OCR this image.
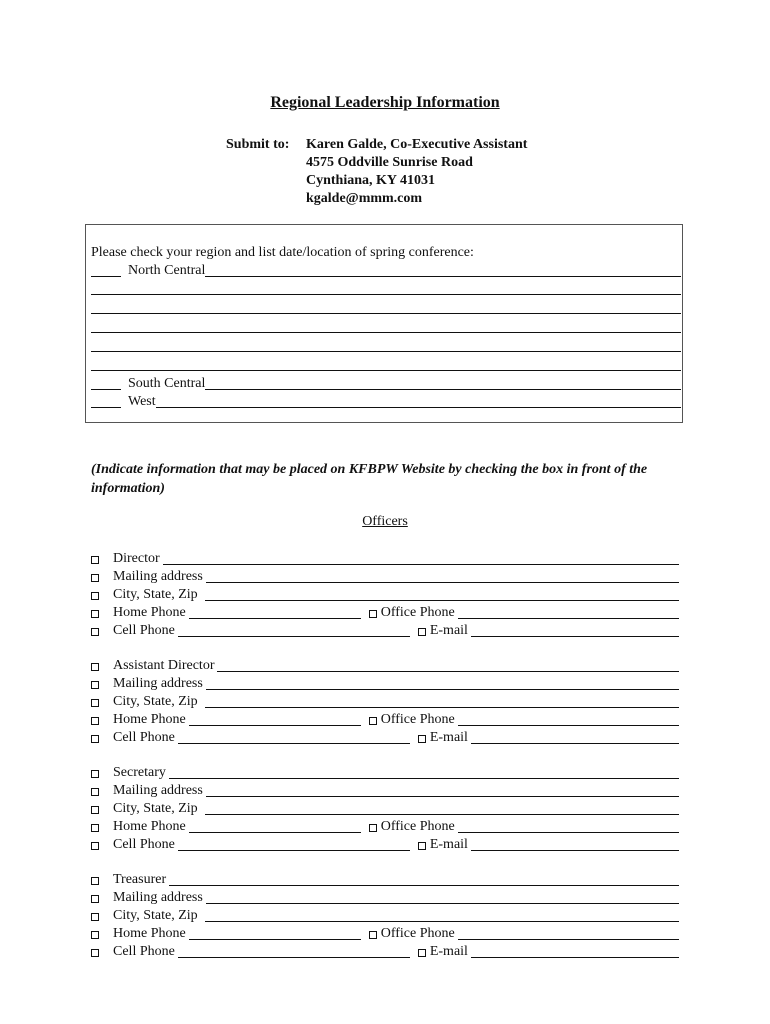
Regional Leadership Information
Submit to: Karen Galde, Co-Executive Assistant
4575 Oddville Sunrise Road
Cynthiana, KY 41031
kgalde@mmm.com
Please check your region and list date/location of spring conference:
North Central
South Central
West
(Indicate information that may be placed on KFBPW Website by checking the box in front of the information)
Officers
Director
Mailing address
City, State, Zip
Home Phone	Office Phone
Cell Phone	E-mail
Assistant Director
Mailing address
City, State, Zip
Home Phone	Office Phone
Cell Phone	E-mail
Secretary
Mailing address
City, State, Zip
Home Phone	Office Phone
Cell Phone	E-mail
Treasurer
Mailing address
City, State, Zip
Home Phone	Office Phone
Cell Phone	E-mail
